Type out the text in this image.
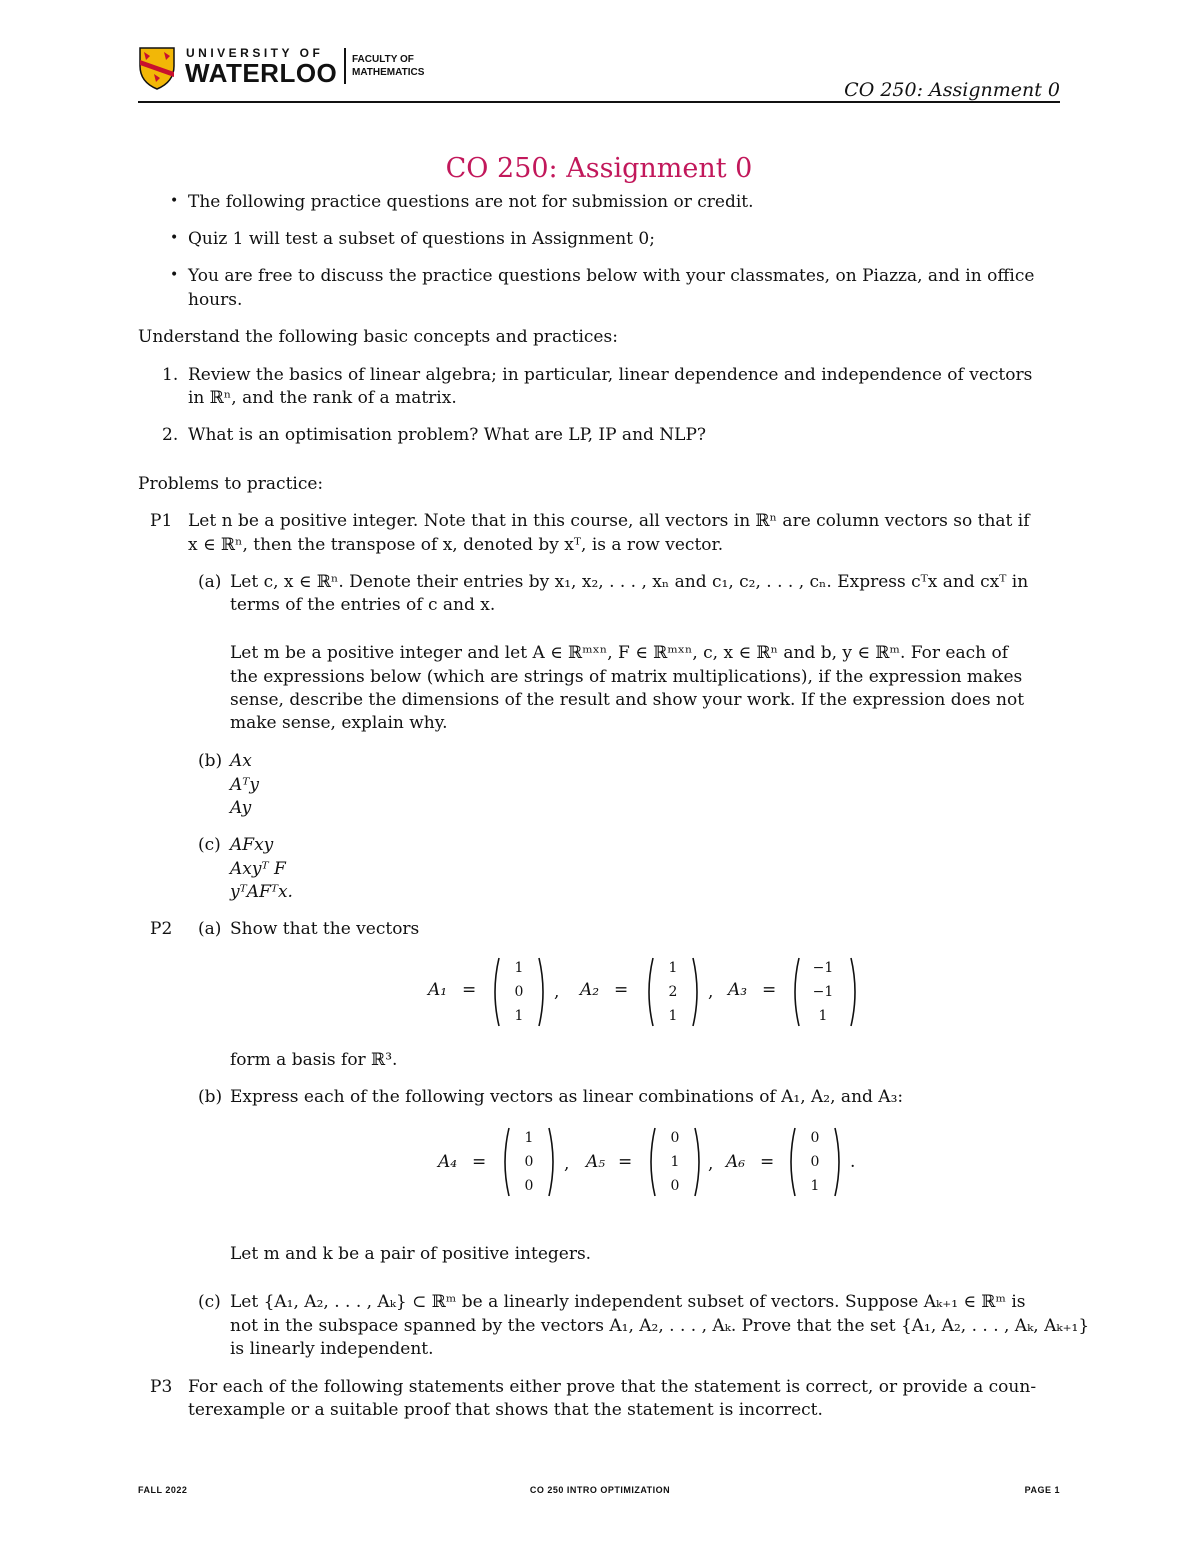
UNIVERSITY OF
WATERLOO FACULTY OF
MATHEMATICS
CO 250: Assignment 0
CO 250: Assignment 0
• The following practice questions are not for submission or credit.
• Quiz 1 will test a subset of questions in Assignment 0;
• You are free to discuss the practice questions below with your classmates, on Piazza, and in office
hours.
Understand the following basic concepts and practices:
1. Review the basics of linear algebra; in particular, linear dependence and independence of vectors
in ℝⁿ, and the rank of a matrix.
2. What is an optimisation problem? What are LP, IP and NLP?
Problems to practice:
P1 Let n be a positive integer. Note that in this course, all vectors in ℝⁿ are column vectors so that if
x ∈ ℝⁿ, then the transpose of x, denoted by xᵀ, is a row vector.
(a) Let c, x ∈ ℝⁿ. Denote their entries by x₁, x₂, . . . , xₙ and c₁, c₂, . . . , cₙ. Express cᵀx and cxᵀ in
terms of the entries of c and x.
Let m be a positive integer and let A ∈ ℝᵐˣⁿ, F ∈ ℝᵐˣⁿ, c, x ∈ ℝⁿ and b, y ∈ ℝᵐ. For each of
the expressions below (which are strings of matrix multiplications), if the expression makes
sense, describe the dimensions of the result and show your work. If the expression does not
make sense, explain why.
(b) Ax
Aᵀy
Ay
(c) AFxy
Axyᵀ F
yᵀAFᵀx.
P2 (a) Show that the vectors
A₁ =
1
0
1
, A₂ =
1
2
1
, A₃ =
−1
−1
1
form a basis for ℝ³.
(b) Express each of the following vectors as linear combinations of A₁, A₂, and A₃:
A₄ =
1
0
0
, A₅ =
0
1
0
, A₆ =
0
0
1
.
Let m and k be a pair of positive integers.
(c) Let {A₁, A₂, . . . , Aₖ} ⊂ ℝᵐ be a linearly independent subset of vectors. Suppose Aₖ₊₁ ∈ ℝᵐ is
not in the subspace spanned by the vectors A₁, A₂, . . . , Aₖ. Prove that the set {A₁, A₂, . . . , Aₖ, Aₖ₊₁}
is linearly independent.
P3 For each of the following statements either prove that the statement is correct, or provide a coun-
terexample or a suitable proof that shows that the statement is incorrect.
FALL 2022	CO 250 INTRO OPTIMIZATION	PAGE 1
